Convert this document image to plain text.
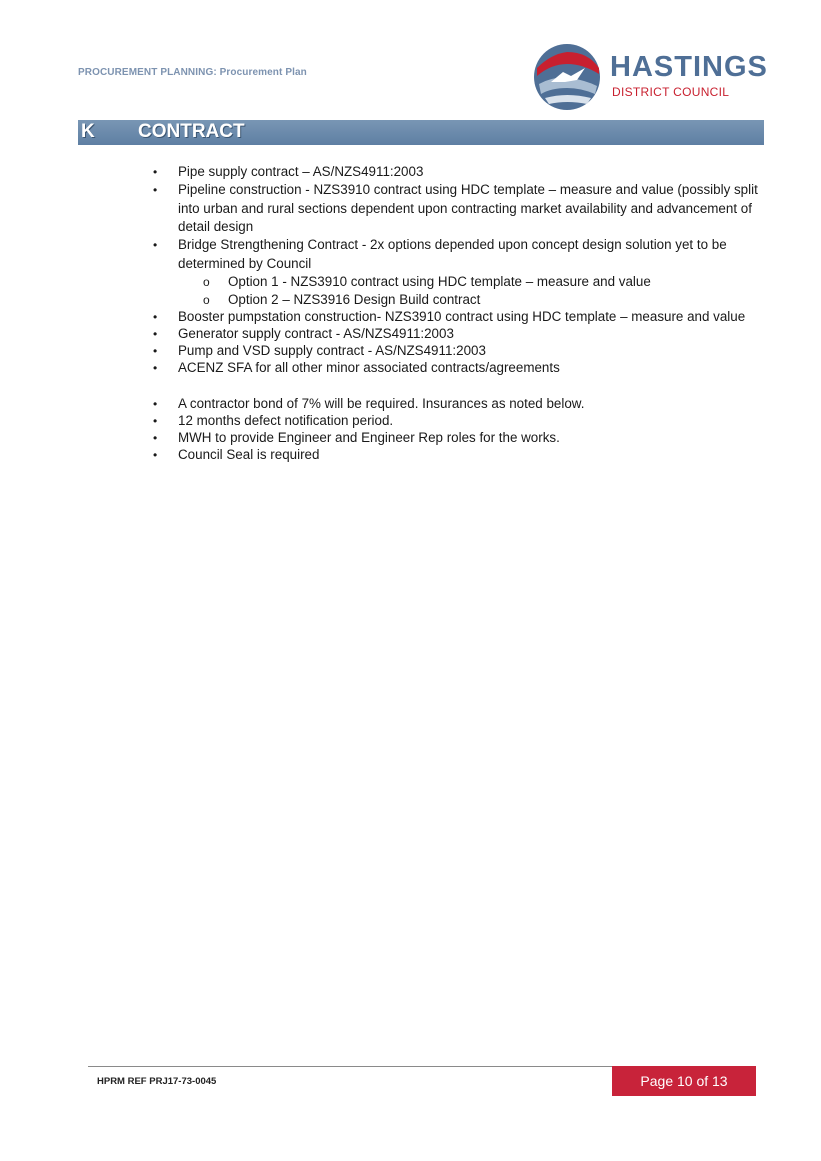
PROCUREMENT PLANNING: Procurement Plan	HASTINGS
DISTRICT COUNCIL
K CONTRACT
• Pipe supply contract – AS/NZS4911:2003
• Pipeline construction - NZS3910 contract using HDC template – measure and value (possibly split into urban and rural sections dependent upon contracting market availability and advancement of detail design
• Bridge Strengthening Contract - 2x options depended upon concept design solution yet to be determined by Council
o Option 1 - NZS3910 contract using HDC template – measure and value
o Option 2 – NZS3916 Design Build contract
• Booster pumpstation construction- NZS3910 contract using HDC template – measure and value
• Generator supply contract - AS/NZS4911:2003
• Pump and VSD supply contract - AS/NZS4911:2003
• ACENZ SFA for all other minor associated contracts/agreements
• A contractor bond of 7% will be required. Insurances as noted below.
• 12 months defect notification period.
• MWH to provide Engineer and Engineer Rep roles for the works.
• Council Seal is required
HPRM REF PRJ17-73-0045	Page 10 of 13
